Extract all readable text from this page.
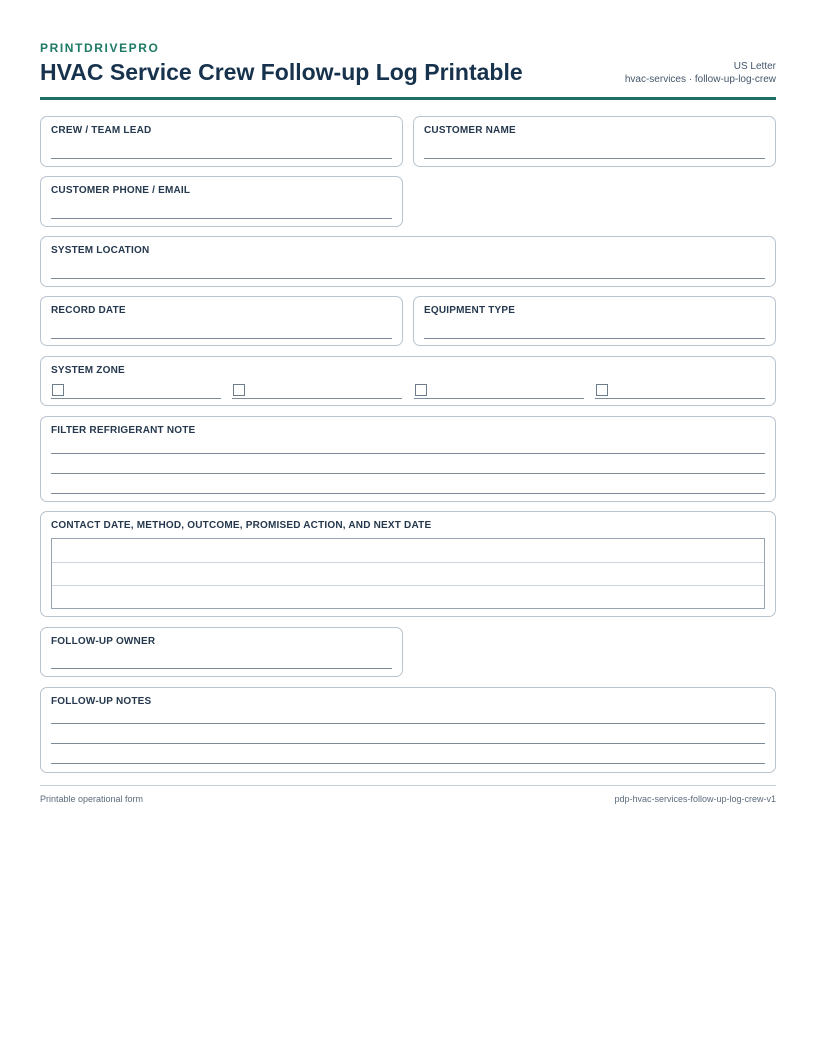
PRINTDRIVEPRO
HVAC Service Crew Follow-up Log Printable	US Letter
hvac-services · follow-up-log-crew
CREW / TEAM LEAD	CUSTOMER NAME
CUSTOMER PHONE / EMAIL
SYSTEM LOCATION
RECORD DATE	EQUIPMENT TYPE
SYSTEM ZONE
FILTER REFRIGERANT NOTE
CONTACT DATE, METHOD, OUTCOME, PROMISED ACTION, AND NEXT DATE
FOLLOW-UP OWNER
FOLLOW-UP NOTES
Printable operational form	pdp-hvac-services-follow-up-log-crew-v1
